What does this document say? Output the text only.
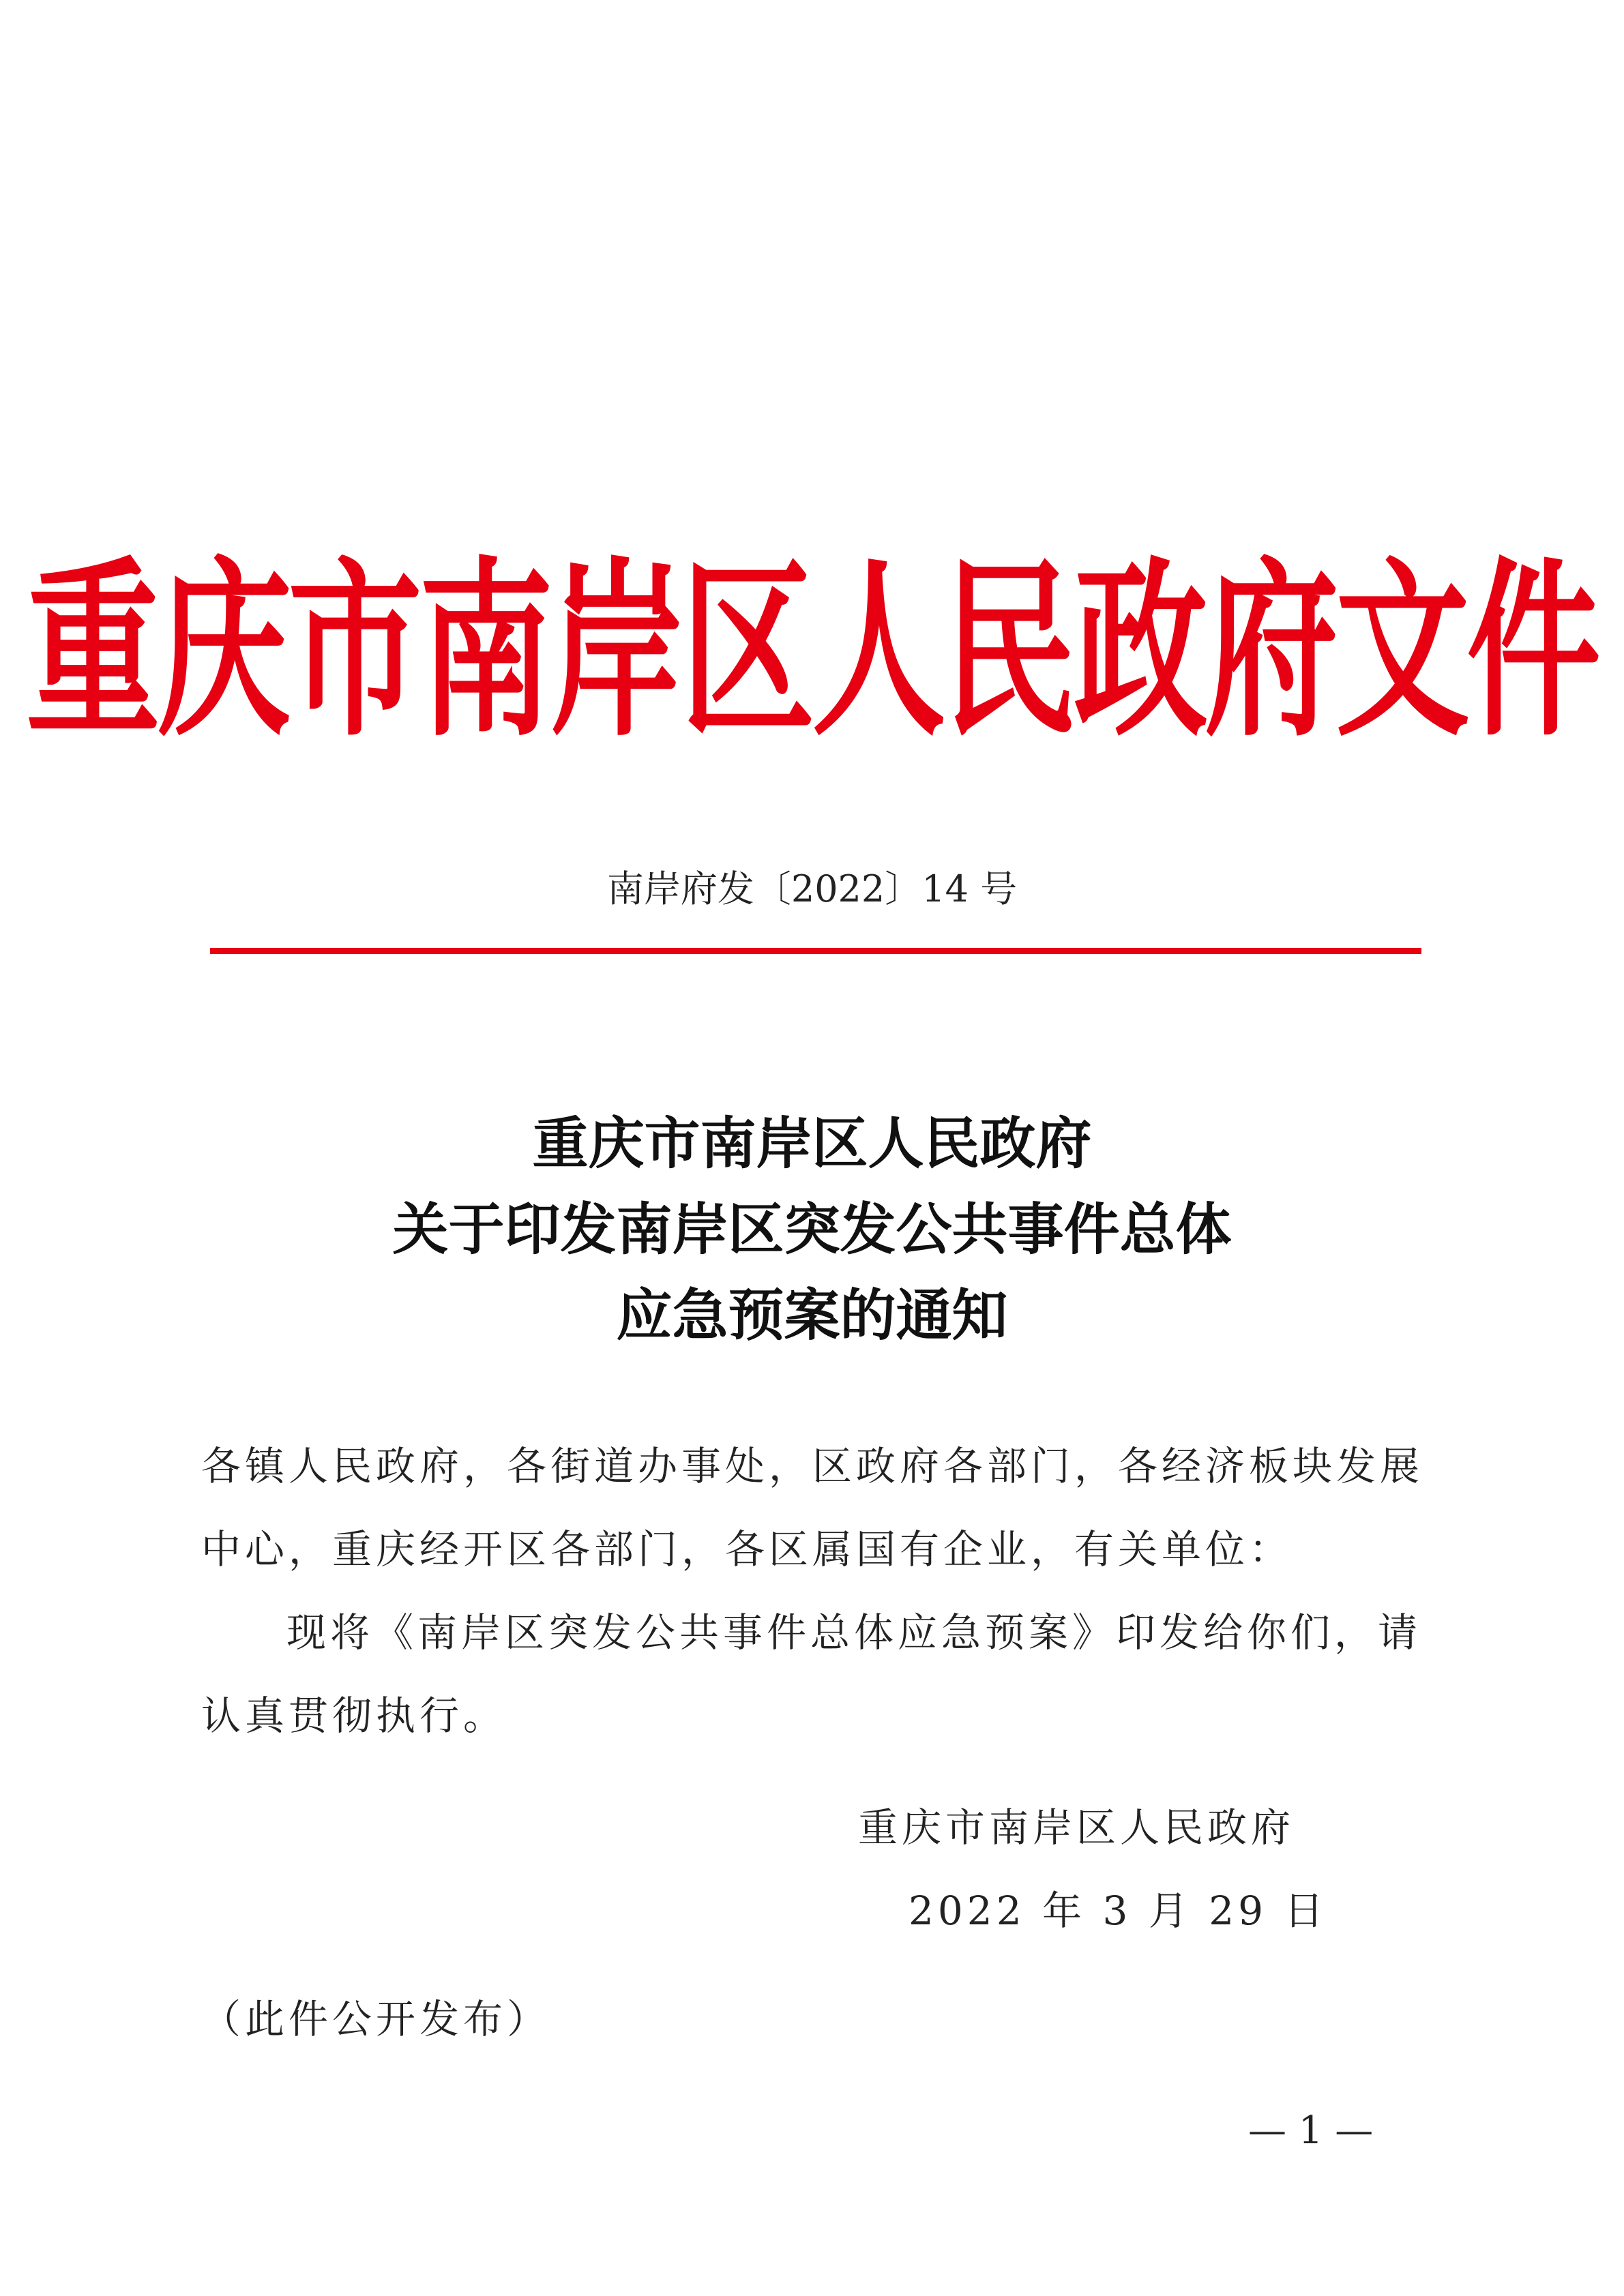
重庆市南岸区人民政府文件
南岸府发〔2022〕14 号
重庆市南岸区人民政府
关于印发南岸区突发公共事件总体
应急预案的通知
各镇人民政府，各街道办事处，区政府各部门，各经济板块发展
中心，重庆经开区各部门，各区属国有企业，有关单位：
现将《南岸区突发公共事件总体应急预案》印发给你们，请
认真贯彻执行。
重庆市南岸区人民政府
2022 年 3 月 29 日
（此件公开发布）
— 1 —
